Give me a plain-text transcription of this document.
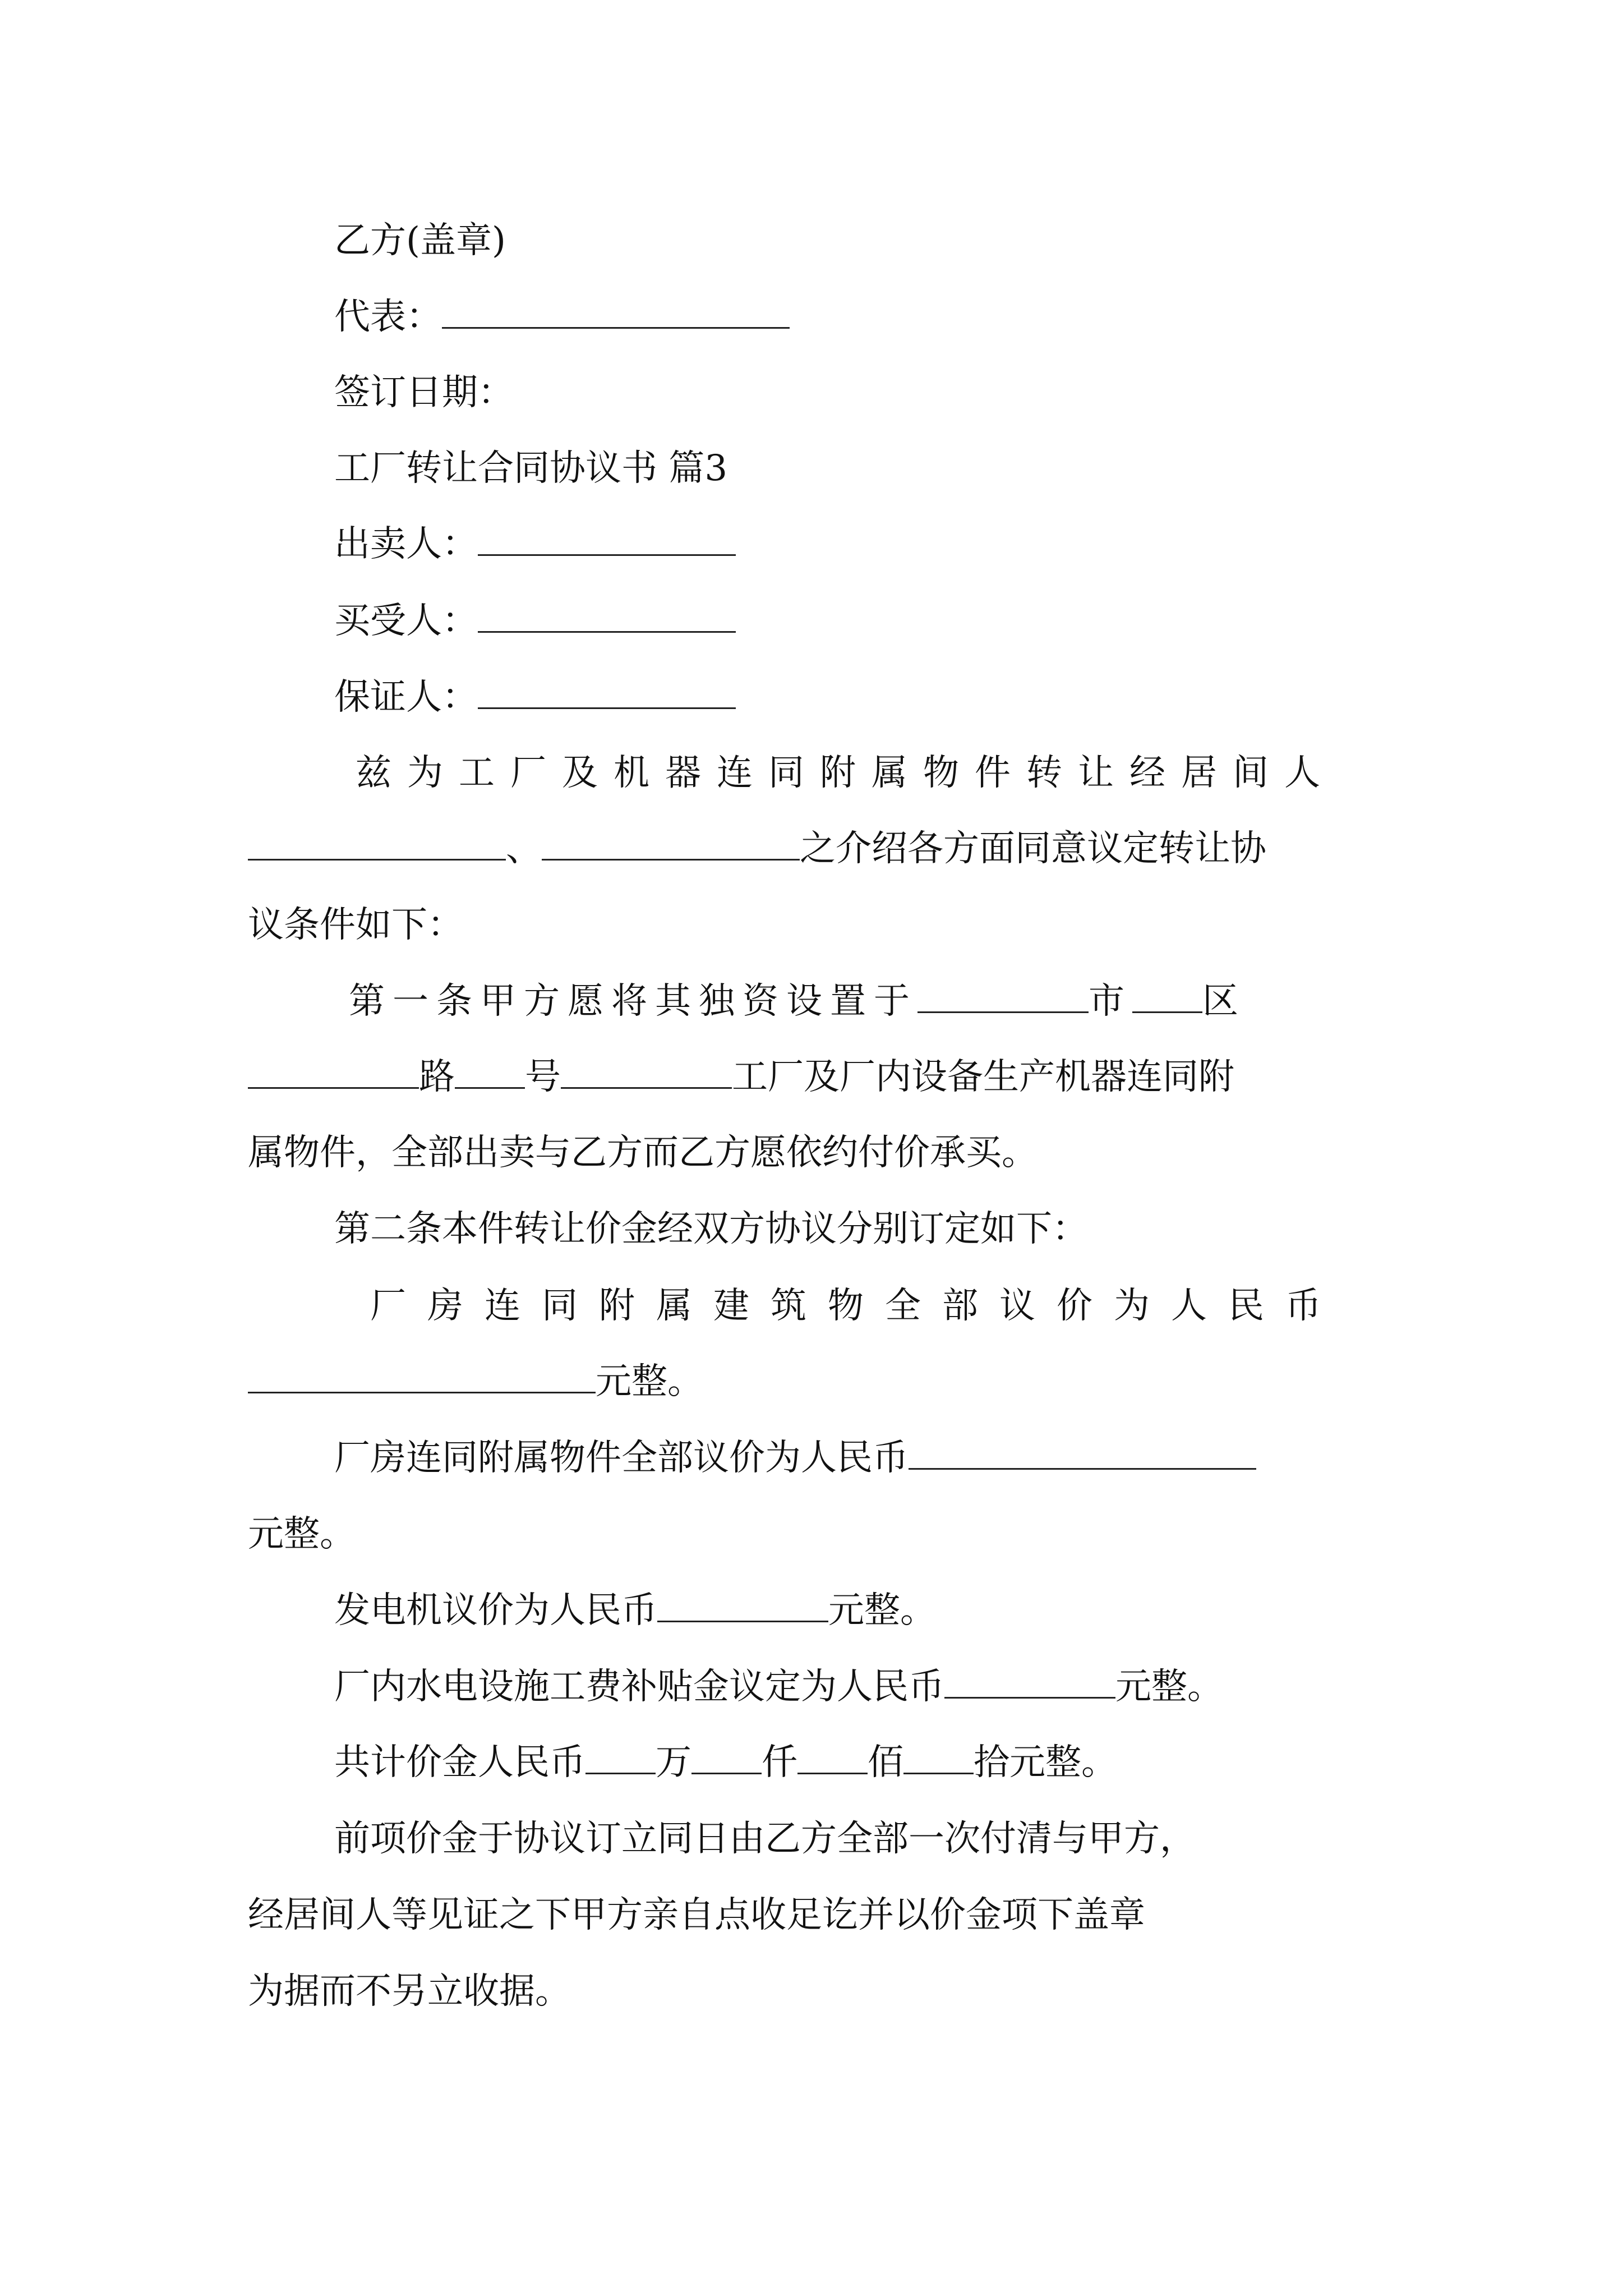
乙方(盖章)
代表：
签订日期：
工厂转让合同协议书 篇3
出卖人：
买受人：
保证人：
兹为工厂及机器连同附属物件转让经居间人
、	之介绍各方面同意议定转让协
议条件如下：
第一条甲方愿将其独资设置于	市 区
路 号	工厂及厂内设备生产机器连同附
属物件，全部出卖与乙方而乙方愿依约付价承买。
第二条本件转让价金经双方协议分别订定如下：
厂房连同附属建筑物全部议价为人民币
元整。
厂房连同附属物件全部议价为人民币
元整。
发电机议价为人民币	元整。
厂内水电设施工费补贴金议定为人民币	元整。
共计价金人民币 万 仟 佰 拾元整。
前项价金于协议订立同日由乙方全部一次付清与甲方，
经居间人等见证之下甲方亲自点收足讫并以价金项下盖章
为据而不另立收据。
